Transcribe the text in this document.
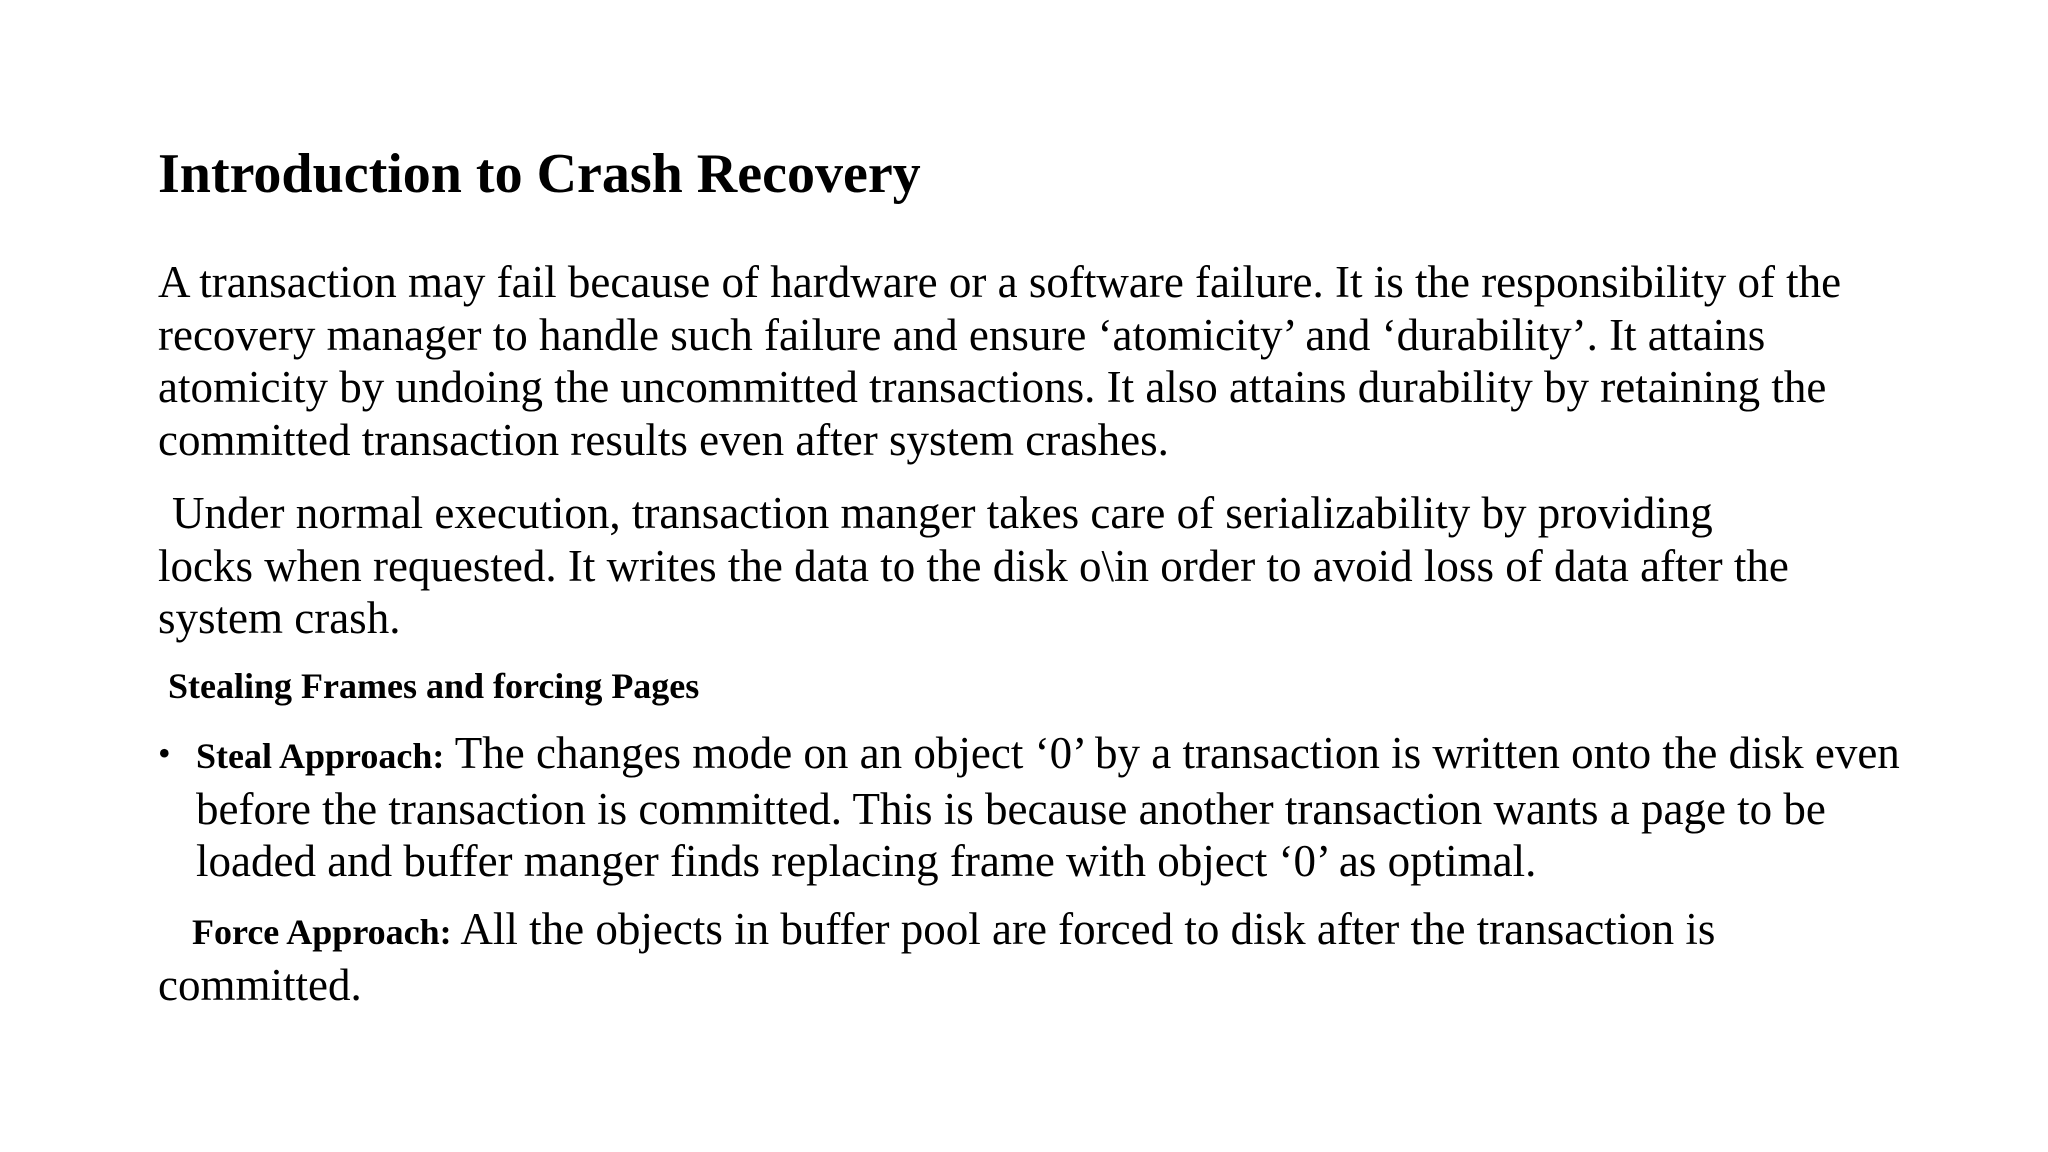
Introduction to Crash Recovery

A transaction may fail because of hardware or a software failure. It is the responsibility of the recovery manager to handle such failure and ensure ‘atomicity’ and ‘durability’. It attains atomicity by undoing the uncommitted transactions. It also attains durability by retaining the committed transaction results even after system crashes.

Under normal execution, transaction manger takes care of serializability by providing
locks when requested. It writes the data to the disk o\in order to avoid loss of data after the system crash.

Stealing Frames and forcing Pages
• Steal Approach: The changes mode on an object ‘0’ by a transaction is written onto the disk even before the transaction is committed. This is because another transaction wants a page to be loaded and buffer manger finds replacing frame with object ‘0’ as optimal.

Force Approach: All the objects in buffer pool are forced to disk after the transaction is committed.
